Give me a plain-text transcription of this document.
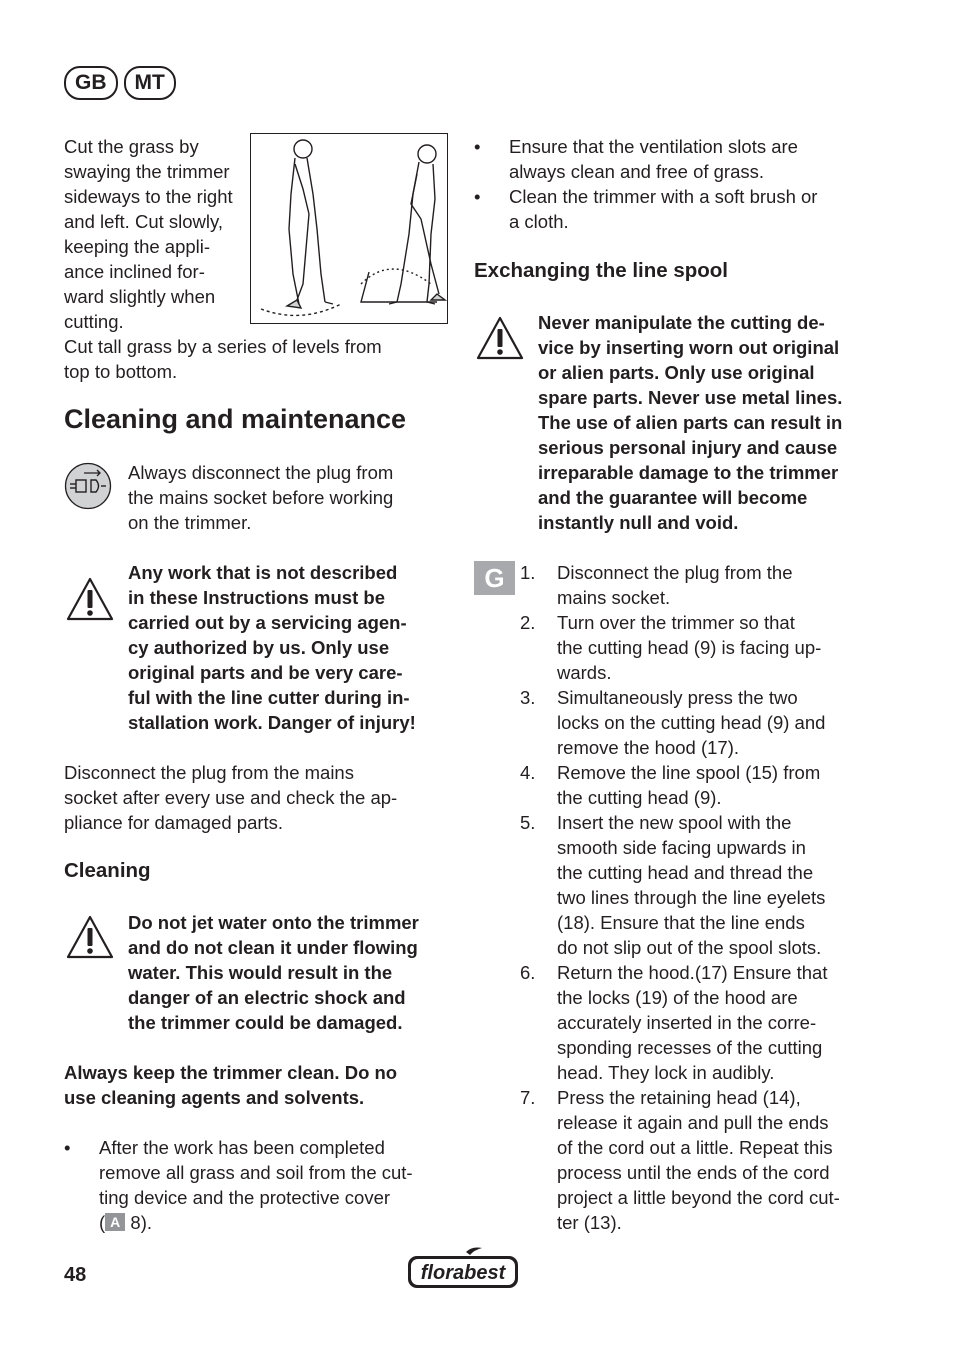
GB	MT
Cut the grass by
swaying the trimmer
sideways to the right
and left. Cut slowly,
keeping the appli-
ance inclined for-
ward slightly when
cutting.
Cut tall grass by a series of levels from
top to bottom.
Cleaning and maintenance
Always disconnect the plug from
the mains socket before working
on the trimmer.
Any work that is not described
in these Instructions must be
carried out by a servicing agen-
cy authorized by us. Only use
original parts and be very care-
ful with the line cutter during in-
stallation work. Danger of injury!
Disconnect the plug from the mains
socket after every use and check the ap-
pliance for damaged parts.
Cleaning
Do not jet water onto the trimmer
and do not clean it under flowing
water. This would result in the
danger of an electric shock and
the trimmer could be damaged.
Always keep the trimmer clean. Do no
use cleaning agents and solvents.
• After the work has been completed
remove all grass and soil from the cut-
ting device and the protective cover
( A 8).
• Ensure that the ventilation slots are
always clean and free of grass.
• Clean the trimmer with a soft brush or
a cloth.
Exchanging the line spool
Never manipulate the cutting de-
vice by inserting worn out original
or alien parts. Only use original
spare parts. Never use metal lines.
The use of alien parts can result in
serious personal injury and cause
irreparable damage to the trimmer
and the guarantee will become
instantly null and void.
G 1. Disconnect the plug from the
mains socket.
2. Turn over the trimmer so that
the cutting head (9) is facing up-
wards.
3. Simultaneously press the two
locks on the cutting head (9) and
remove the hood (17).
4. Remove the line spool (15) from
the cutting head (9).
5. Insert the new spool with the
smooth side facing upwards in
the cutting head and thread the
two lines through the line eyelets
(18). Ensure that the line ends
do not slip out of the spool slots.
6. Return the hood.(17) Ensure that
the locks (19) of the hood are
accurately inserted in the corre-
sponding recesses of the cutting
head. They lock in audibly.
7. Press the retaining head (14),
release it again and pull the ends
of the cord out a little. Repeat this
process until the ends of the cord
project a little beyond the cord cut-
ter (13).
48	florabest
